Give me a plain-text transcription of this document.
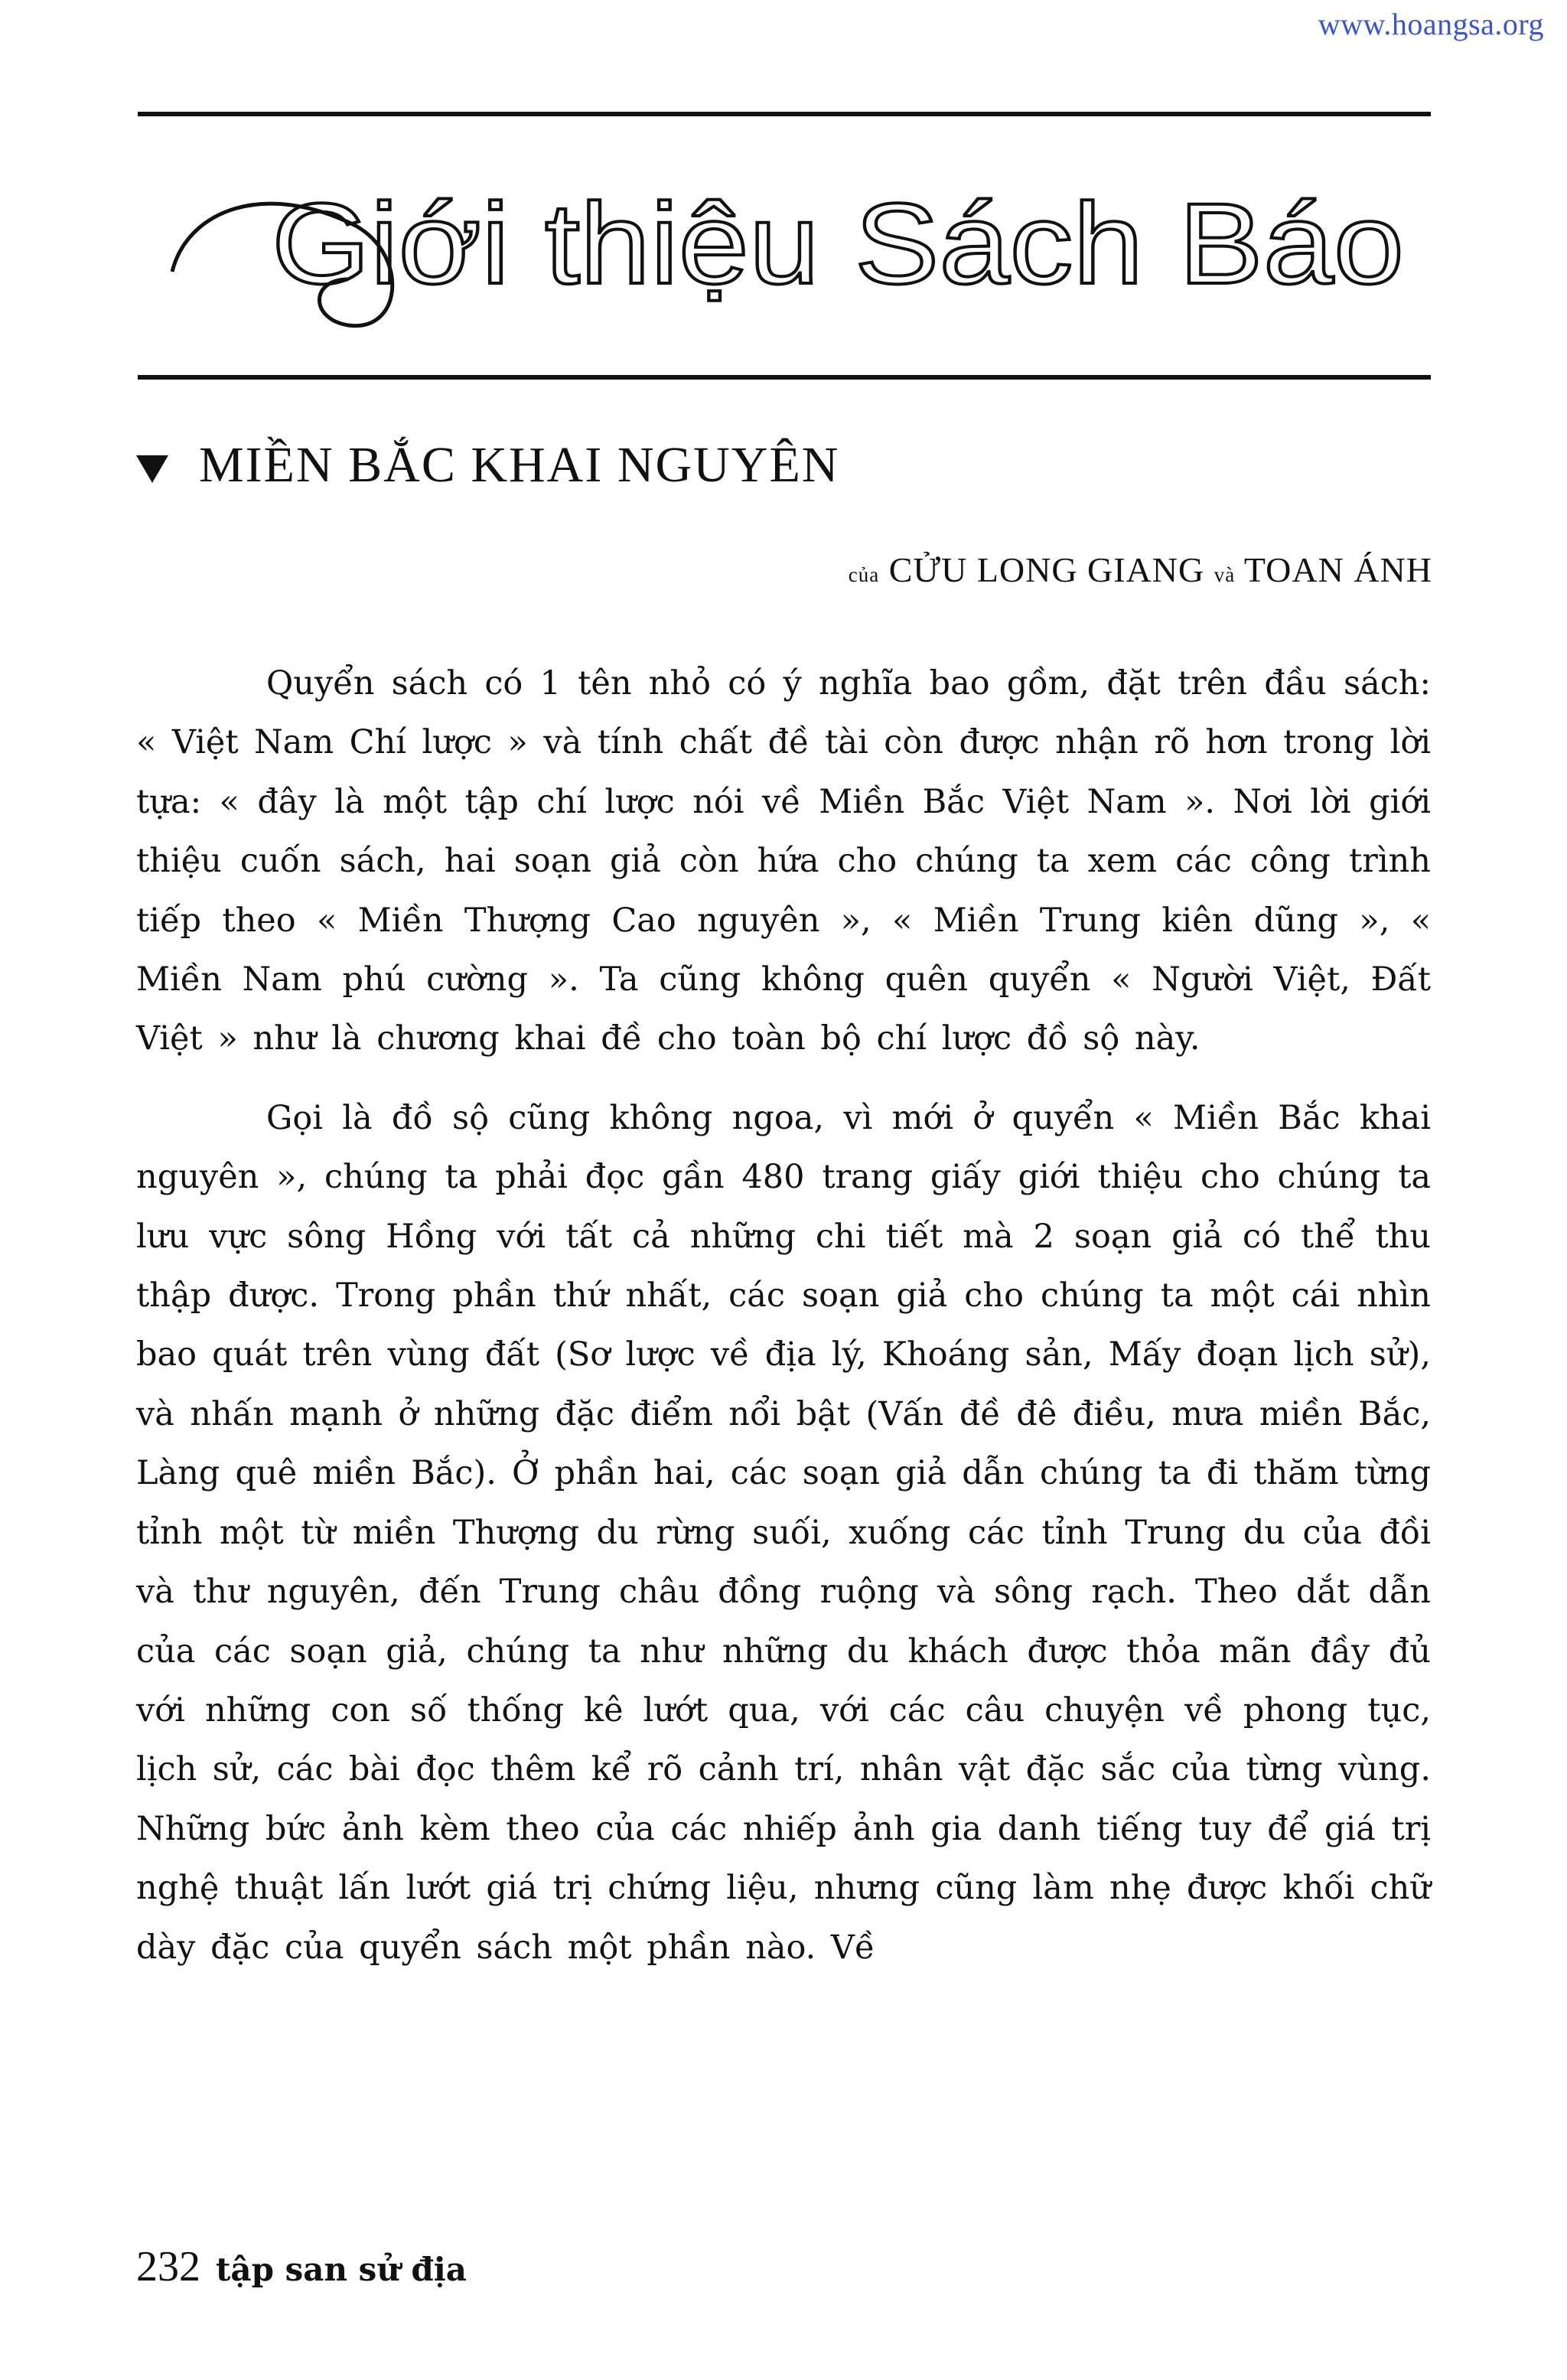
www.hoangsa.org
Giới thiệu Sách Báo
MIỀN BẮC KHAI NGUYÊN
của CỬU LONG GIANG và TOAN ÁNH

Quyển sách có 1 tên nhỏ có ý nghĩa bao gồm, đặt trên đầu sách: « Việt Nam Chí lược » và tính chất đề tài còn được nhận rõ hơn trong lời tựa: « đây là một tập chí lược nói về Miền Bắc Việt Nam ». Nơi lời giới thiệu cuốn sách, hai soạn giả còn hứa cho chúng ta xem các công trình tiếp theo « Miền Thượng Cao nguyên », « Miền Trung kiên dũng », « Miền Nam phú cường ». Ta cũng không quên quyển « Người Việt, Đất Việt » như là chương khai đề cho toàn bộ chí lược đồ sộ này.

Gọi là đồ sộ cũng không ngoa, vì mới ở quyển « Miền Bắc khai nguyên », chúng ta phải đọc gần 480 trang giấy giới thiệu cho chúng ta lưu vực sông Hồng với tất cả những chi tiết mà 2 soạn giả có thể thu thập được. Trong phần thứ nhất, các soạn giả cho chúng ta một cái nhìn bao quát trên vùng đất (Sơ lược về địa lý, Khoáng sản, Mấy đoạn lịch sử), và nhấn mạnh ở những đặc điểm nổi bật (Vấn đề đê điều, mưa miền Bắc, Làng quê miền Bắc). Ở phần hai, các soạn giả dẫn chúng ta đi thăm từng tỉnh một từ miền Thượng du rừng suối, xuống các tỉnh Trung du của đồi và thư nguyên, đến Trung châu đồng ruộng và sông rạch. Theo dắt dẫn của các soạn giả, chúng ta như những du khách được thỏa mãn đầy đủ với những con số thống kê lướt qua, với các câu chuyện về phong tục, lịch sử, các bài đọc thêm kể rõ cảnh trí, nhân vật đặc sắc của từng vùng. Những bức ảnh kèm theo của các nhiếp ảnh gia danh tiếng tuy để giá trị nghệ thuật lấn lướt giá trị chứng liệu, nhưng cũng làm nhẹ được khối chữ dày đặc của quyển sách một phần nào. Về

232 tập san sử địa
